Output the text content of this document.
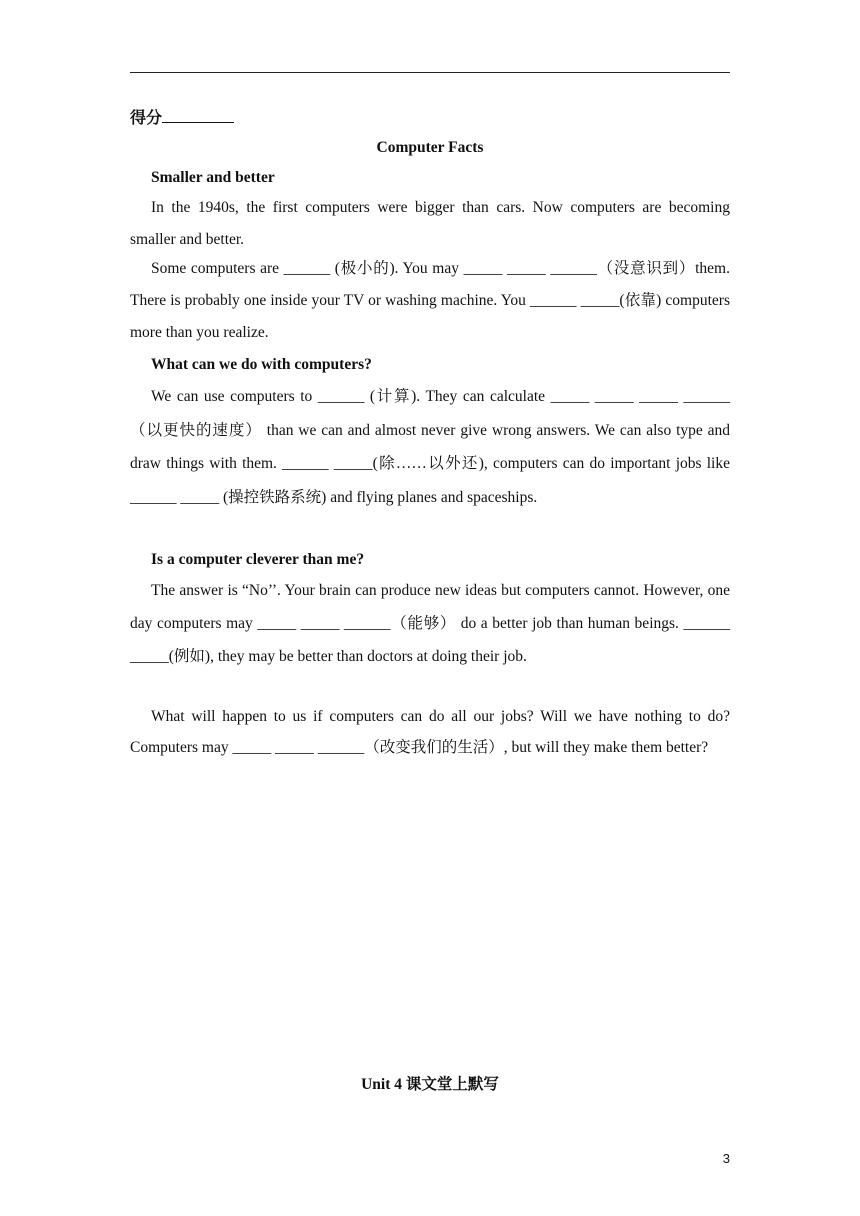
得分
Computer Facts
Smaller and better
In the 1940s, the first computers were bigger than cars. Now computers are becoming smaller and better.
Some computers are ______ (极小的). You may _____ _____ ______（没意识到）them. There is probably one inside your TV or washing machine. You ______ _____(依靠) computers more than you realize.
What can we do with computers?
We can use computers to ______ (计算). They can calculate _____ _____ _____ ______（以更快的速度） than we can and almost never give wrong answers. We can also type and draw things with them. ______ _____(除……以外还), computers can do important jobs like ______ _____ (操控铁路系统) and flying planes and spaceships.
Is a computer cleverer than me?
The answer is “No’’. Your brain can produce new ideas but computers cannot. However, one day computers may _____ _____ ______（能够） do a better job than human beings. ______ _____(例如), they may be better than doctors at doing their job.
What will happen to us if computers can do all our jobs? Will we have nothing to do? Computers may _____ _____ ______（改变我们的生活）, but will they make them better?
Unit 4 课文堂上默写
3
